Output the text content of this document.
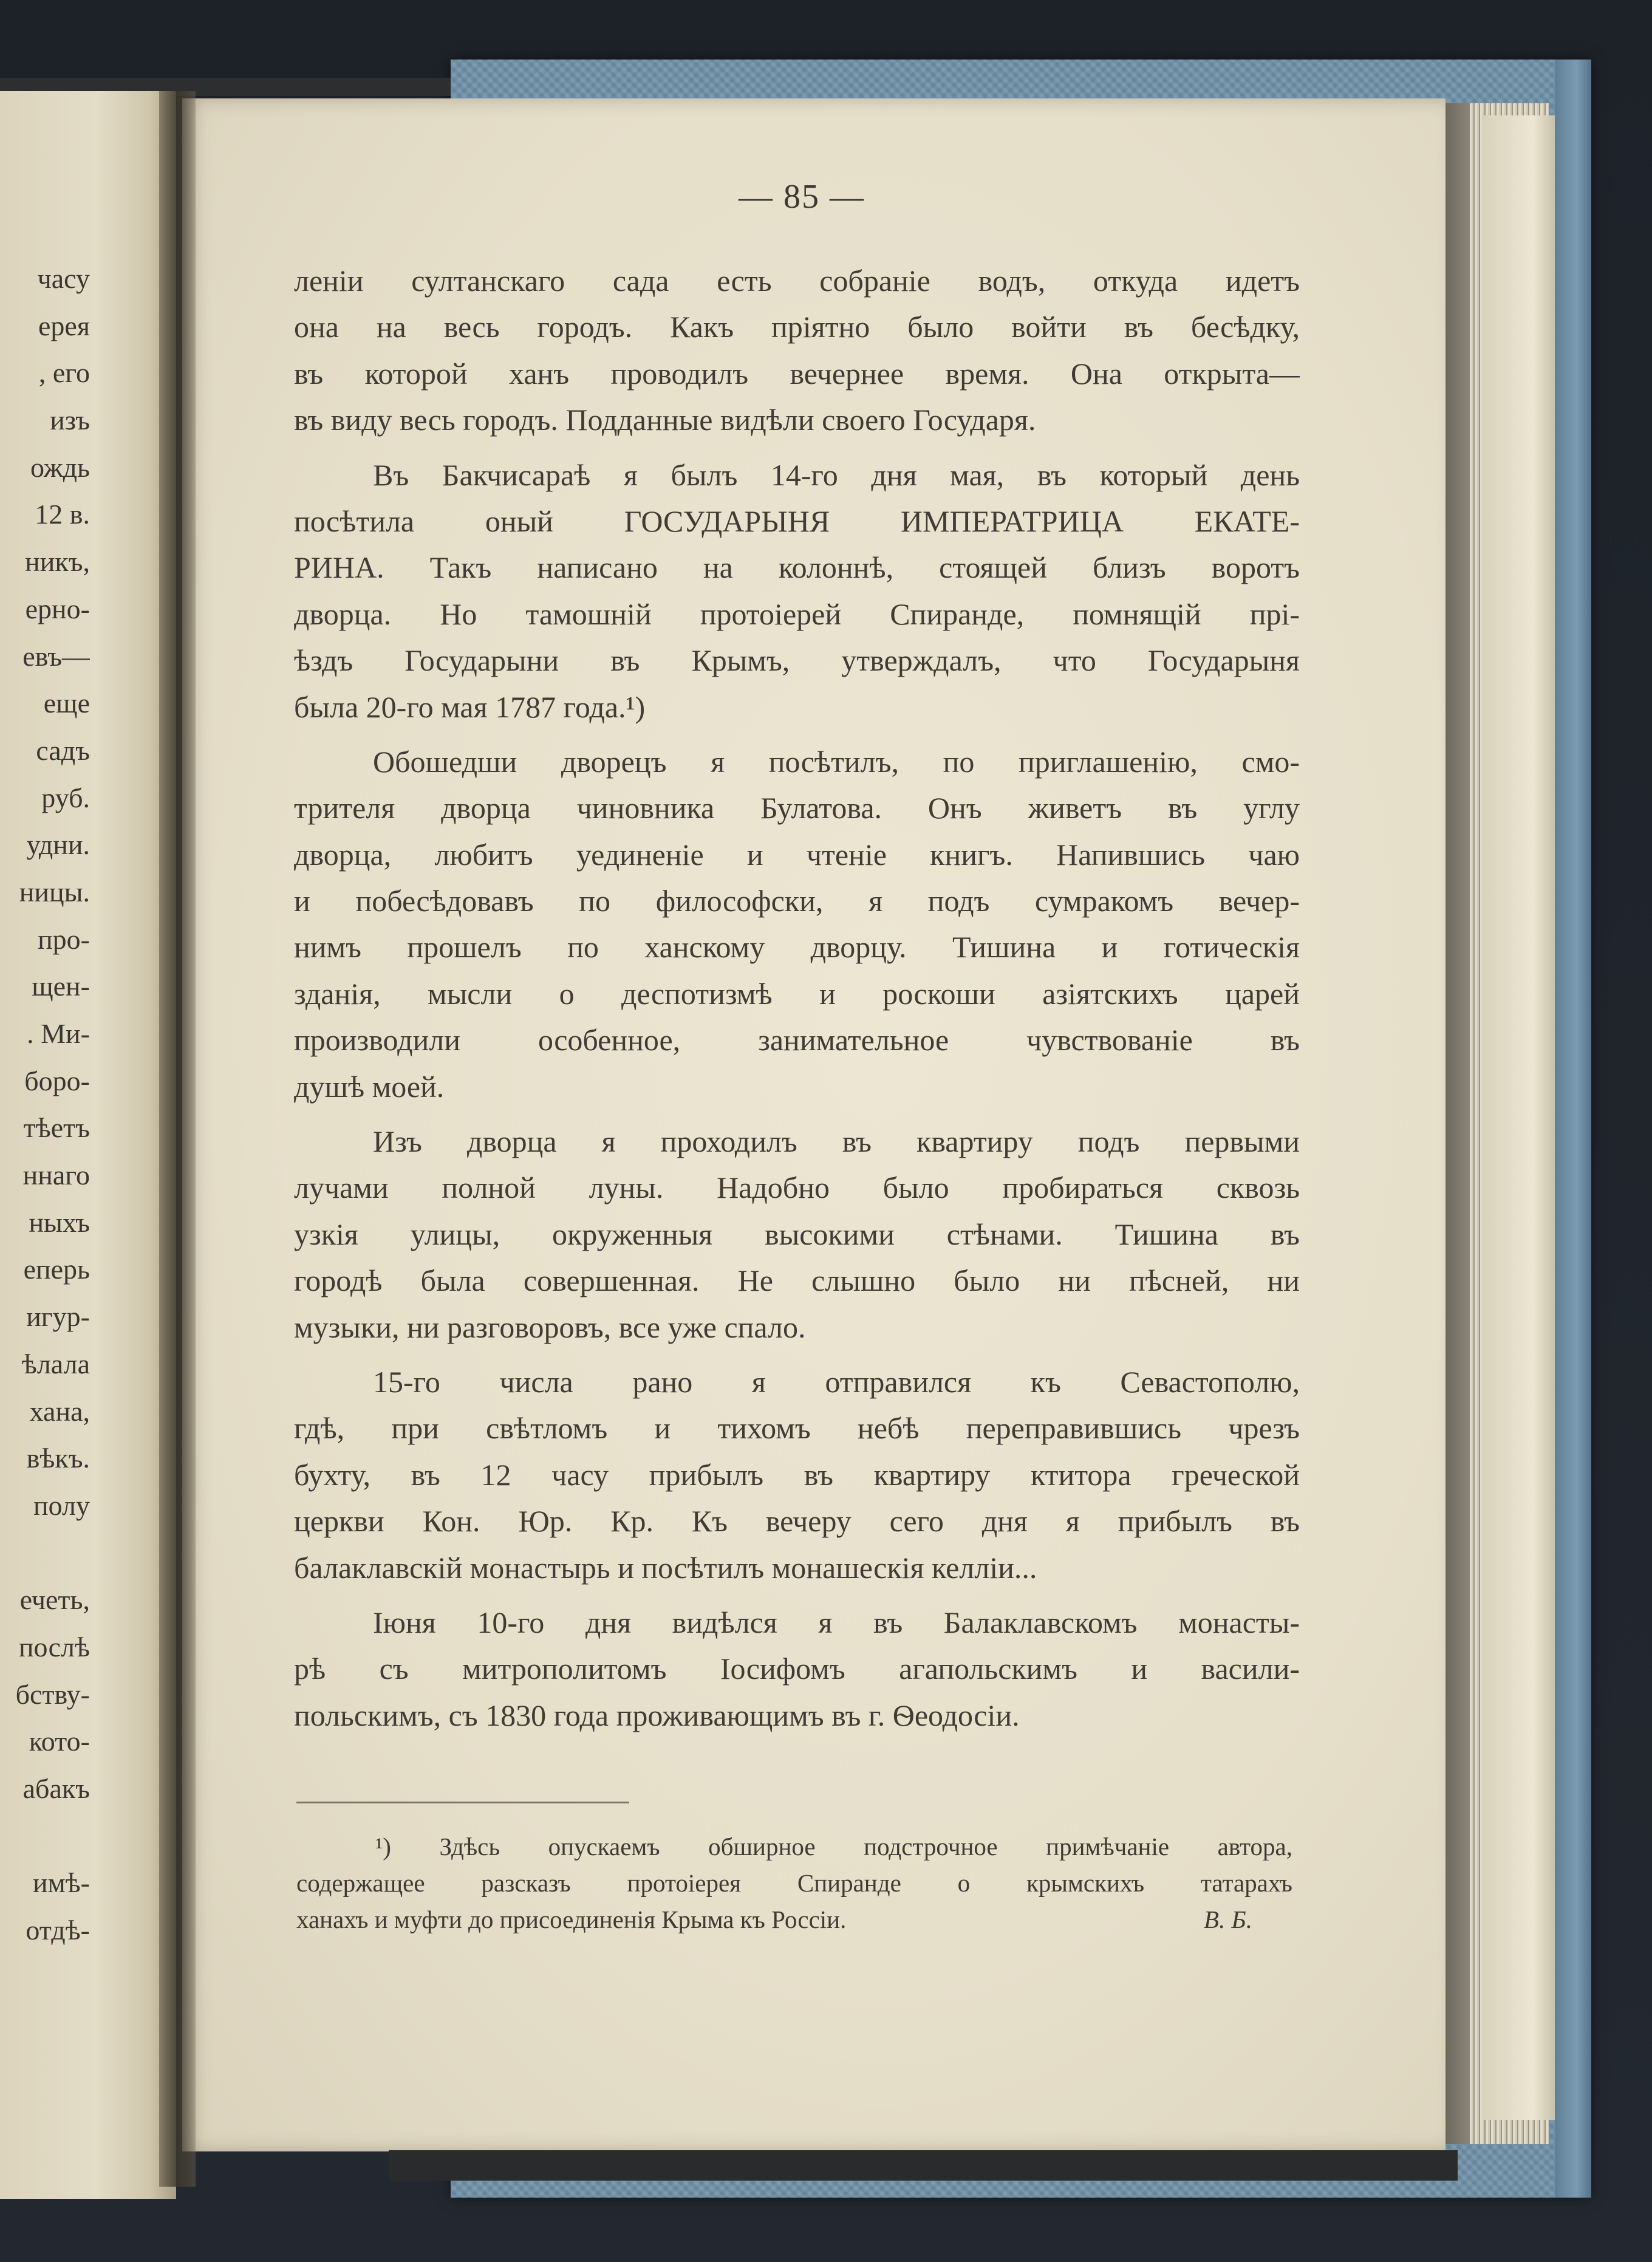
часу
ерея
, его
изъ
ождь
12 в.
никъ,
ерно-
евъ—
еще
садъ
руб.
удни.
ницы.
про-
щен-
. Ми-
боро-
тѣетъ
ннаго
ныхъ
еперь
игур-
ѣлала
хана,
вѣкъ.
полу
ечеть,
послѣ
бству-
кото-
абакъ
имѣ-
отдѣ-
— 85 —
леніи султанскаго сада есть собраніе водъ, откуда идетъ
она на весь городъ. Какъ пріятно было войти въ бесѣдку,
въ которой ханъ проводилъ вечернее время. Она открыта—
въ виду весь городъ. Подданные видѣли своего Государя.
Въ Бакчисараѣ я былъ 14-го дня мая, въ который день
посѣтила оный ГОСУДАРЫНЯ ИМПЕРАТРИЦА ЕКАТЕ-
РИНА. Такъ написано на колоннѣ, стоящей близъ воротъ
дворца. Но тамошній протоіерей Спиранде, помнящій прі-
ѣздъ Государыни въ Крымъ, утверждалъ, что Государыня
была 20-го мая 1787 года.¹)
Обошедши дворецъ я посѣтилъ, по приглашенію, смо-
трителя дворца чиновника Булатова. Онъ живетъ въ углу
дворца, любитъ уединеніе и чтеніе книгъ. Напившись чаю
и побесѣдовавъ по философски, я подъ сумракомъ вечер-
нимъ прошелъ по ханскому дворцу. Тишина и готическія
зданія, мысли о деспотизмѣ и роскоши азіятскихъ царей
производили особенное, занимательное чувствованіе въ
душѣ моей.
Изъ дворца я проходилъ въ квартиру подъ первыми
лучами полной луны. Надобно было пробираться сквозь
узкія улицы, окруженныя высокими стѣнами. Тишина въ
городѣ была совершенная. Не слышно было ни пѣсней, ни
музыки, ни разговоровъ, все уже спало.
15-го числа рано я отправился къ Севастополю,
гдѣ, при свѣтломъ и тихомъ небѣ переправившись чрезъ
бухту, въ 12 часу прибылъ въ квартиру ктитора греческой
церкви Кон. Юр. Кр. Къ вечеру сего дня я прибылъ въ
балаклавскій монастырь и посѣтилъ монашескія келліи...
Іюня 10-го дня видѣлся я въ Балаклавскомъ монасты-
рѣ съ митрополитомъ Іосифомъ агапольскимъ и васили-
польскимъ, съ 1830 года проживающимъ въ г. Ѳеодосіи.
¹) Здѣсь опускаемъ обширное подстрочное примѣчаніе автора,
содержащее разсказъ протоіерея Спиранде о крымскихъ татарахъ
ханахъ и муфти до присоединенія Крыма къ Россіи.	В. Б.
